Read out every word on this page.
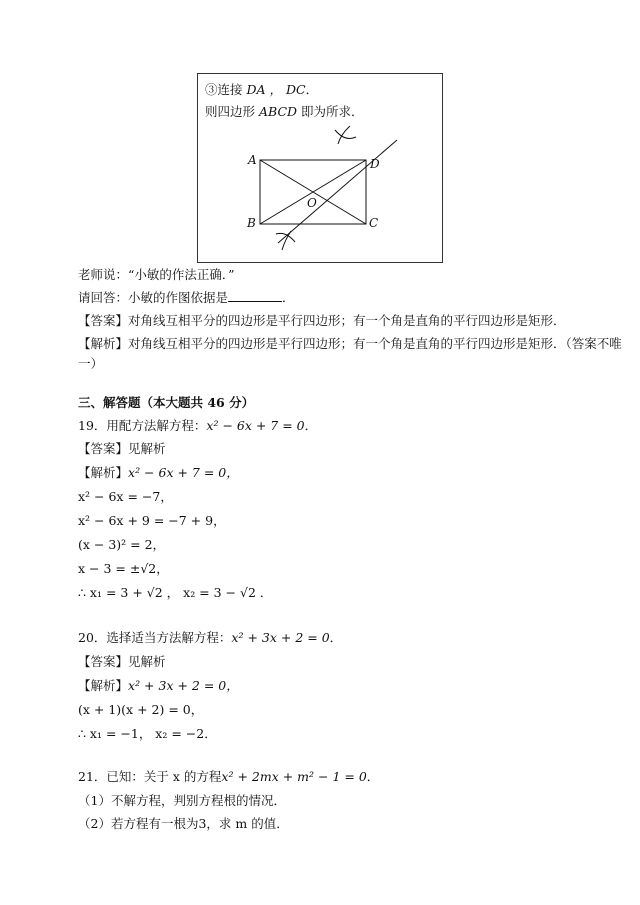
③连接 DA ， DC．
则四边形 ABCD 即为所求．
A
B	C
D
O
老师说：“小敏的作法正确．”
请回答：小敏的作图依据是	．
【答案】对角线互相平分的四边形是平行四边形；有一个角是直角的平行四边形是矩形．
【解析】对角线互相平分的四边形是平行四边形；有一个角是直角的平行四边形是矩形．（答案不唯
一）
三、解答题（本大题共 46 分）
19．用配方法解方程：x² − 6x + 7 = 0．
【答案】见解析
【解析】x² − 6x + 7 = 0，
x² − 6x = −7，
x² − 6x + 9 = −7 + 9，
(x − 3)² = 2，
x − 3 = ±√2，
∴ x₁ = 3 + √2 ， x₂ = 3 − √2 ．
20．选择适当方法解方程：x² + 3x + 2 = 0．
【答案】见解析
【解析】x² + 3x + 2 = 0，
(x + 1)(x + 2) = 0，
∴ x₁ = −1， x₂ = −2．
21．已知：关于 x 的方程x² + 2mx + m² − 1 = 0．
（1）不解方程，判别方程根的情况．
（2）若方程有一根为3，求 m 的值．
